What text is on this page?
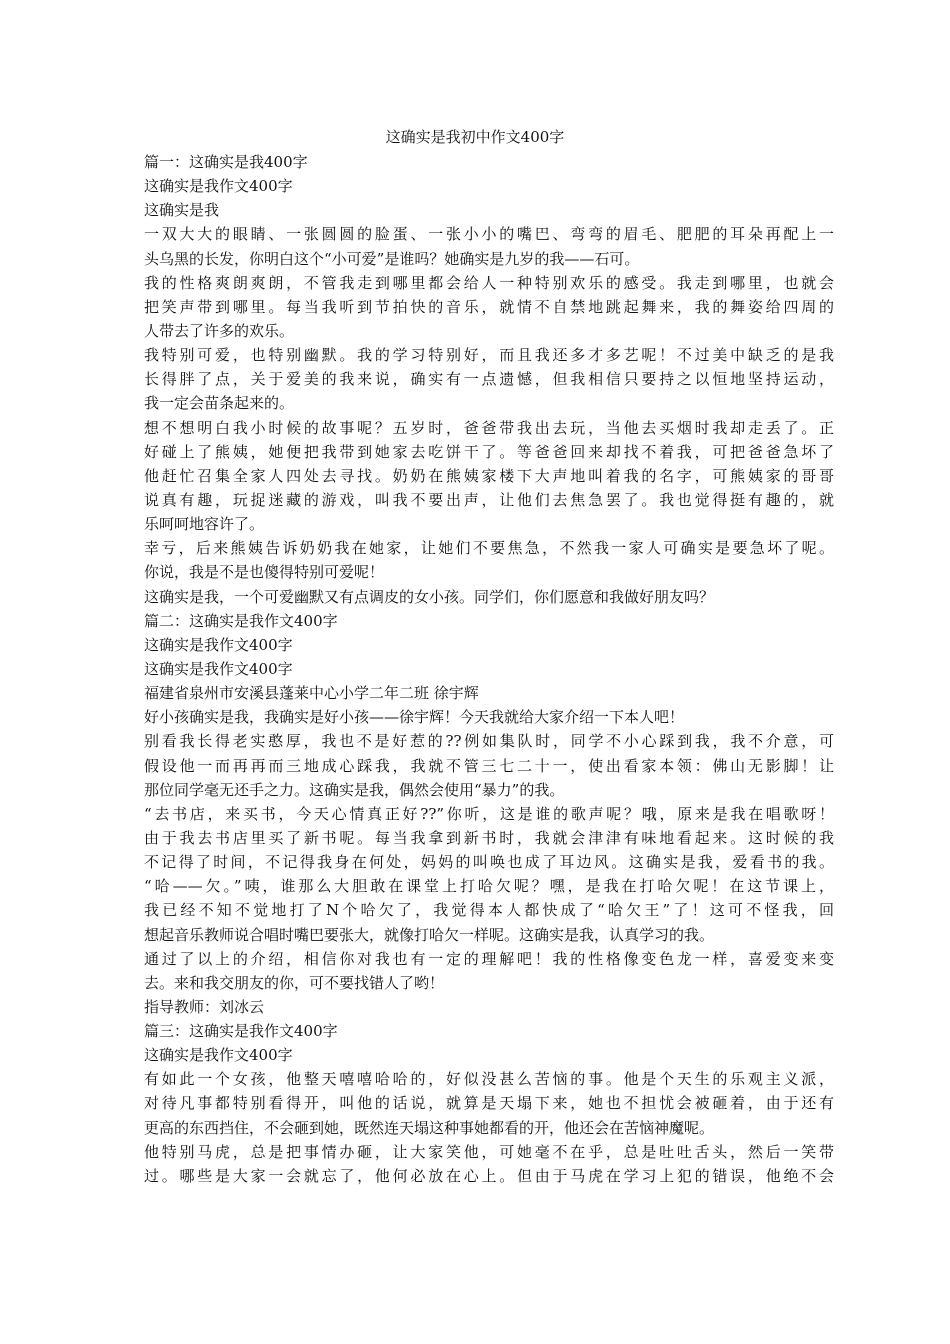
这确实是我初中作文400字
篇一：这确实是我400字
这确实是我作文400字
这确实是我
一双大大的眼睛、一张圆圆的脸蛋、一张小小的嘴巴、弯弯的眉毛、肥肥的耳朵再配上一
头乌黑的长发，你明白这个“小可爱”是谁吗？她确实是九岁的我——石可。
我的性格爽朗爽朗，不管我走到哪里都会给人一种特别欢乐的感受。我走到哪里，也就会
把笑声带到哪里。每当我听到节拍快的音乐，就情不自禁地跳起舞来，我的舞姿给四周的
人带去了许多的欢乐。
我特别可爱，也特别幽默。我的学习特别好，而且我还多才多艺呢！不过美中缺乏的是我
长得胖了点，关于爱美的我来说，确实有一点遗憾，但我相信只要持之以恒地坚持运动，
我一定会苗条起来的。
想不想明白我小时候的故事呢？五岁时，爸爸带我出去玩，当他去买烟时我却走丢了。正
好碰上了熊姨，她便把我带到她家去吃饼干了。等爸爸回来却找不着我，可把爸爸急坏了
他赶忙召集全家人四处去寻找。奶奶在熊姨家楼下大声地叫着我的名字，可熊姨家的哥哥
说真有趣，玩捉迷藏的游戏，叫我不要出声，让他们去焦急罢了。我也觉得挺有趣的，就
乐呵呵地容许了。
幸亏，后来熊姨告诉奶奶我在她家，让她们不要焦急，不然我一家人可确实是要急坏了呢。
你说，我是不是也傻得特别可爱呢！
这确实是我，一个可爱幽默又有点调皮的女小孩。同学们，你们愿意和我做好朋友吗？
篇二：这确实是我作文400字
这确实是我作文400字
这确实是我作文400字
福建省泉州市安溪县蓬莱中心小学二年二班 徐宇辉
好小孩确实是我，我确实是好小孩——徐宇辉！今天我就给大家介绍一下本人吧！
别看我长得老实憨厚，我也不是好惹的??例如集队时，同学不小心踩到我，我不介意，可
假设他一而再再而三地成心踩我，我就不管三七二十一，使出看家本领：佛山无影脚！让
那位同学毫无还手之力。这确实是我，偶然会使用“暴力”的我。
“去书店，来买书，今天心情真正好??”你听，这是谁的歌声呢？哦，原来是我在唱歌呀！
由于我去书店里买了新书呢。每当我拿到新书时，我就会津津有味地看起来。这时候的我
不记得了时间，不记得我身在何处，妈妈的叫唤也成了耳边风。这确实是我，爱看书的我。
“哈——欠。”咦，谁那么大胆敢在课堂上打哈欠呢？嘿，是我在打哈欠呢！在这节课上，
我已经不知不觉地打了N个哈欠了，我觉得本人都快成了“哈欠王”了！这可不怪我，回
想起音乐教师说合唱时嘴巴要张大，就像打哈欠一样呢。这确实是我，认真学习的我。
通过了以上的介绍，相信你对我也有一定的理解吧！我的性格像变色龙一样，喜爱变来变
去。来和我交朋友的你，可不要找错人了哟！
指导教师：刘冰云
篇三：这确实是我作文400字
这确实是我作文400字
有如此一个女孩，他整天嘻嘻哈哈的，好似没甚么苦恼的事。他是个天生的乐观主义派，
对待凡事都特别看得开，叫他的话说，就算是天塌下来，她也不担忧会被砸着，由于还有
更高的东西挡住，不会砸到她，既然连天塌这种事她都看的开，他还会在苦恼神魔呢。
他特别马虎，总是把事情办砸，让大家笑他，可她毫不在乎，总是吐吐舌头，然后一笑带
过。哪些是大家一会就忘了，他何必放在心上。但由于马虎在学习上犯的错误，他绝不会
